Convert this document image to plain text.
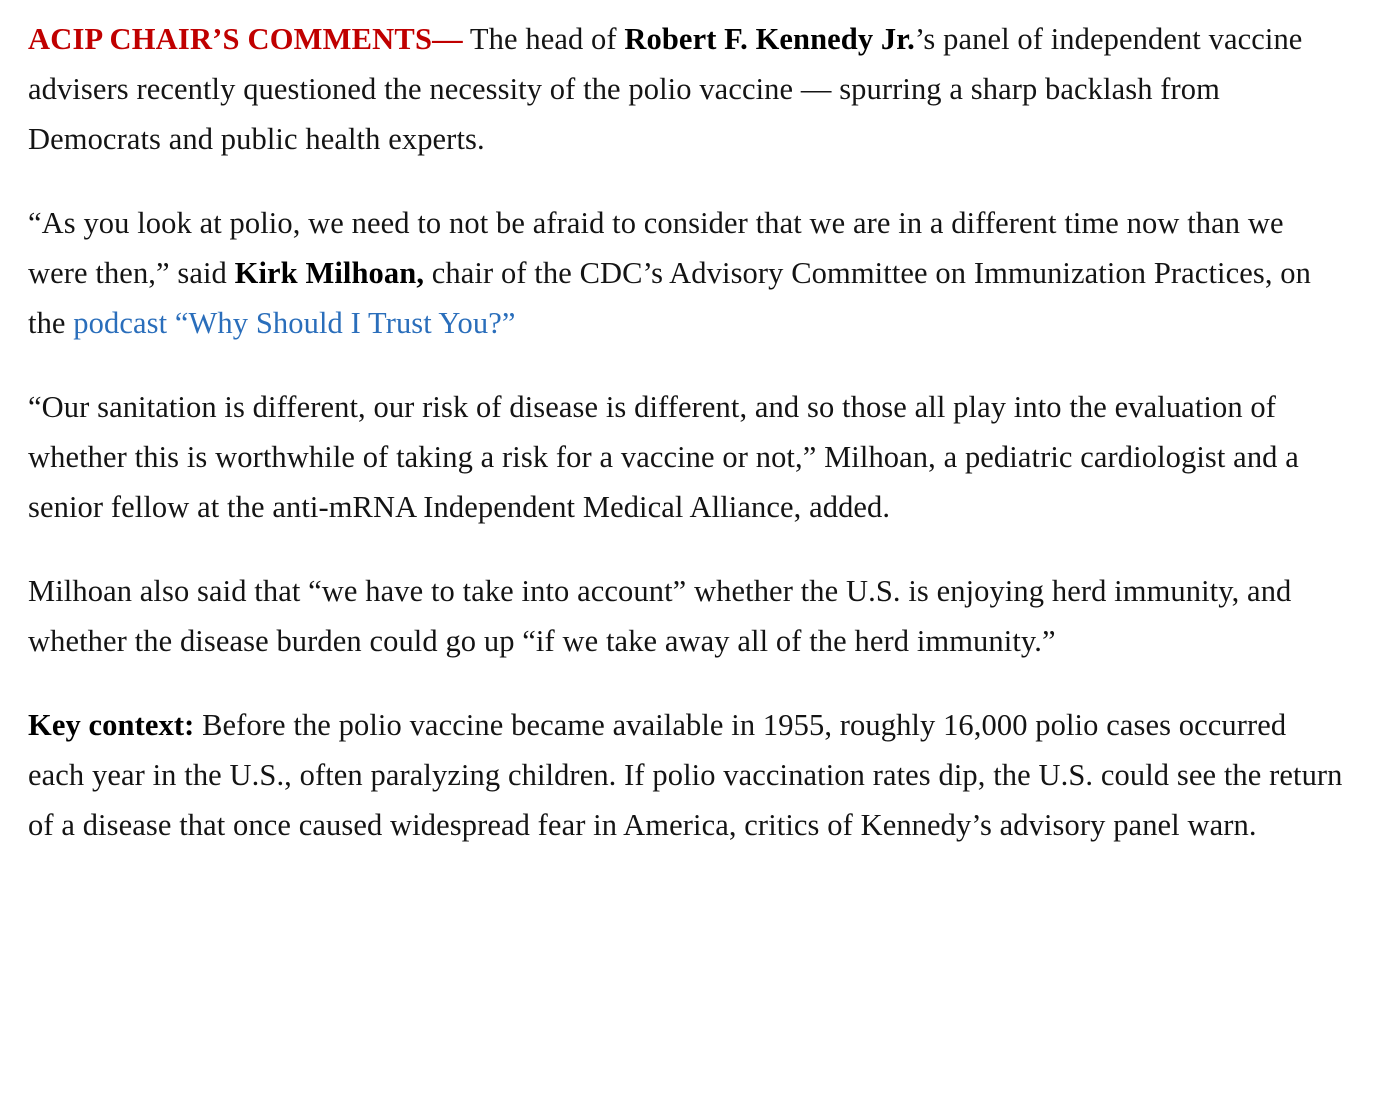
ACIP CHAIR’S COMMENTS— The head of Robert F. Kennedy Jr.’s panel of independent vaccine advisers recently questioned the necessity of the polio vaccine — spurring a sharp backlash from Democrats and public health experts.

“As you look at polio, we need to not be afraid to consider that we are in a different time now than we were then,” said Kirk Milhoan, chair of the CDC’s Advisory Committee on Immunization Practices, on the podcast “Why Should I Trust You?”

“Our sanitation is different, our risk of disease is different, and so those all play into the evaluation of whether this is worthwhile of taking a risk for a vaccine or not,” Milhoan, a pediatric cardiologist and a senior fellow at the anti-mRNA Independent Medical Alliance, added.

Milhoan also said that “we have to take into account” whether the U.S. is enjoying herd immunity, and whether the disease burden could go up “if we take away all of the herd immunity.”

Key context: Before the polio vaccine became available in 1955, roughly 16,000 polio cases occurred each year in the U.S., often paralyzing children. If polio vaccination rates dip, the U.S. could see the return of a disease that once caused widespread fear in America, critics of Kennedy’s advisory panel warn.
